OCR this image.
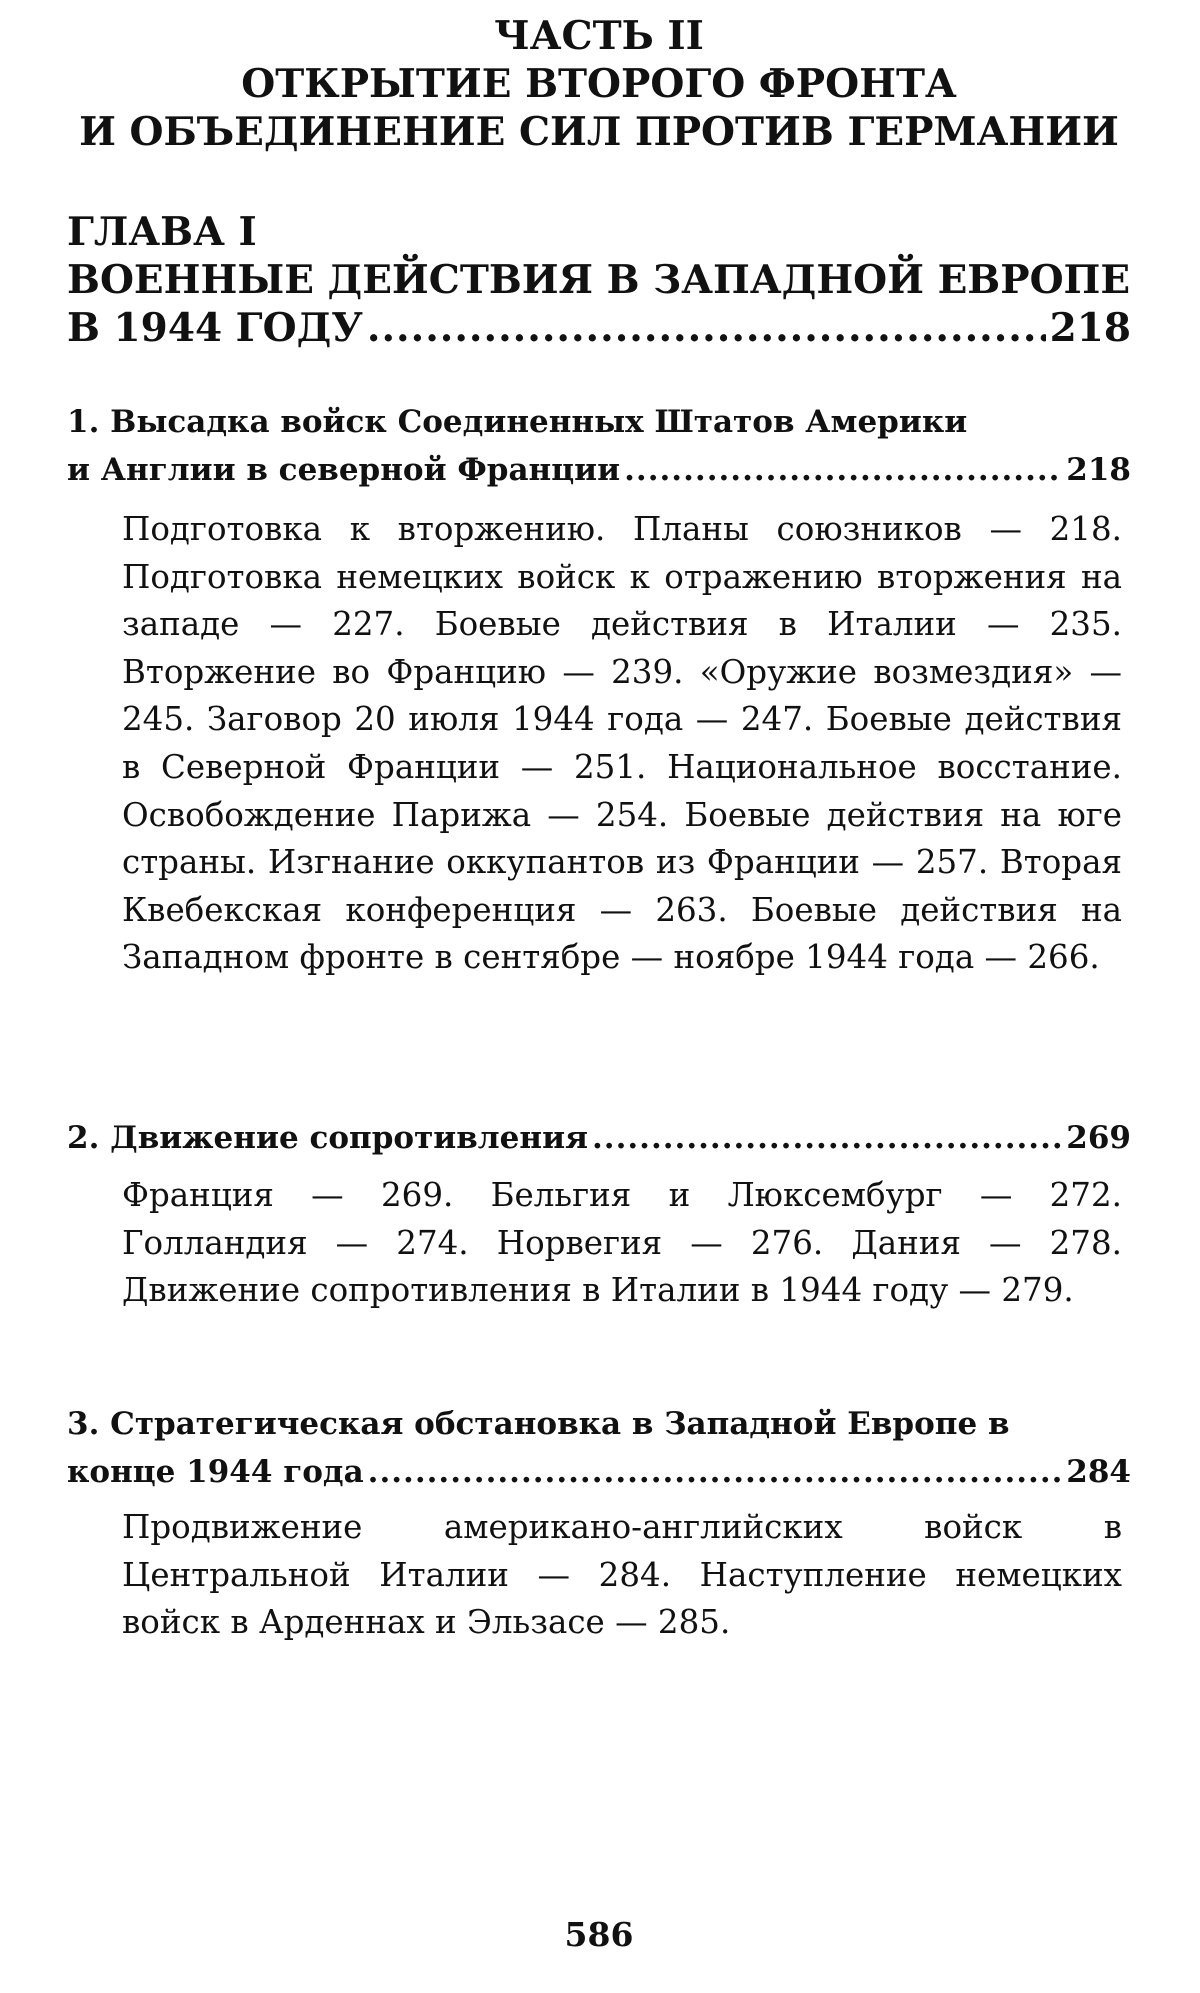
ЧАСТЬ II
ОТКРЫТИЕ ВТОРОГО ФРОНТА
И ОБЪЕДИНЕНИЕ СИЛ ПРОТИВ ГЕРМАНИИ
ГЛАВА I
ВОЕННЫЕ ДЕЙСТВИЯ В ЗАПАДНОЙ ЕВРОПЕ
В 1944 ГОДУ .....	218
1. Высадка войск Соединенных Штатов Америки
и Англии в северной Франции .....	218

Подготовка к вторжению. Планы союзников — 218. Подготовка немецких войск к отражению вторжения на западе — 227. Боевые действия в Италии — 235. Вторжение во Францию — 239. «Оружие возмездия» — 245. Заговор 20 июля 1944 года — 247. Боевые действия в Северной Франции — 251. Национальное восстание. Освобождение Парижа — 254. Боевые действия на юге страны. Изгнание оккупантов из Франции — 257. Вторая Квебекская конференция — 263. Боевые действия на Западном фронте в сентябре — ноябре 1944 года — 266.

2. Движение сопротивления .....	269

Франция — 269. Бельгия и Люксембург — 272. Голландия — 274. Норвегия — 276. Дания — 278. Движение сопротивления в Италии в 1944 году — 279.

3. Стратегическая обстановка в Западной Европе в
конце 1944 года .....	284

Продвижение американо-английских войск в Центральной Италии — 284. Наступление немецких войск в Арденнах и Эльзасе — 285.

586
